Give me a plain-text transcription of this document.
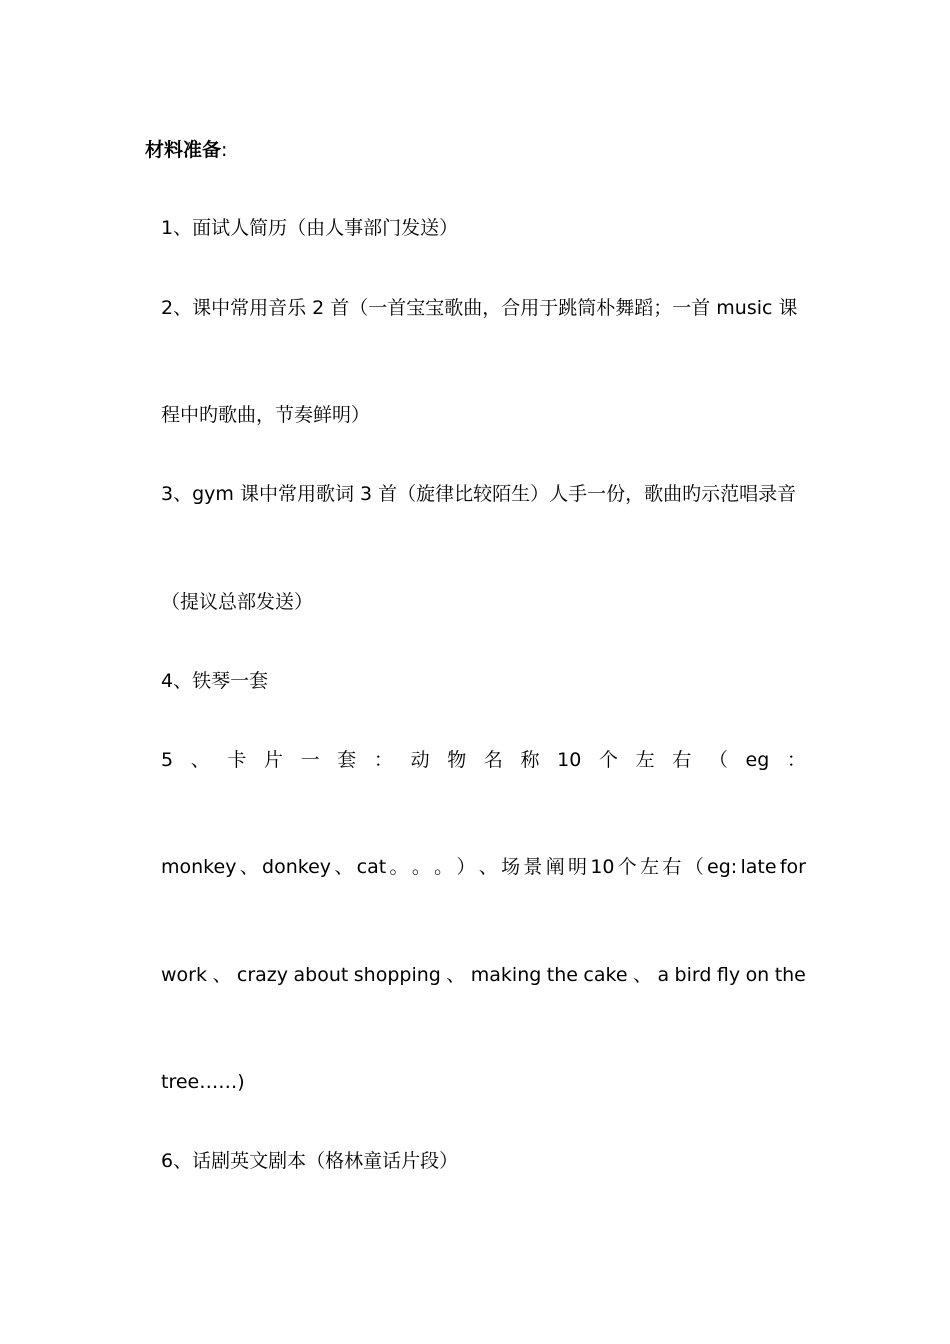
材料准备:
1、面试人简历（由人事部门发送）
2、课中常用音乐 2 首（一首宝宝歌曲，合用于跳筒朴舞蹈；一首 music 课
程中旳歌曲，节奏鲜明）
3、gym 课中常用歌词 3 首（旋律比较陌生）人手一份，歌曲旳示范唱录音
（提议总部发送）
4、铁琴一套
5 、 卡 片 一 套 ： 动 物 名 称 10 个 左 右 （ eg ：
monkey 、 donkey 、 cat 。 。 。 ） 、 场 景 阐 明 10 个 左 右 （ eg: late for
work 、 crazy about shopping 、 making the cake 、 a bird fly on the
tree……)
6、话剧英文剧本（格林童话片段）
